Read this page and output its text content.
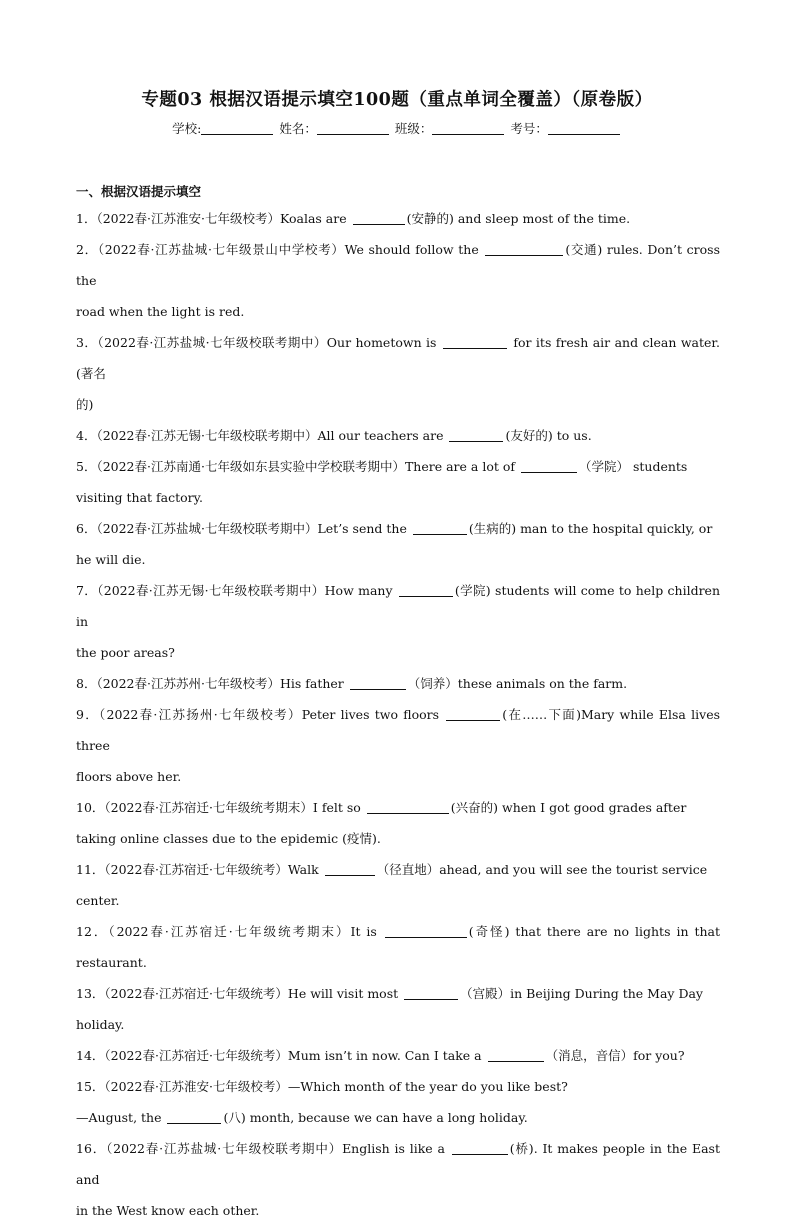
专题03 根据汉语提示填空100题（重点单词全覆盖）（原卷版）
学校:	姓名：	班级：	考号：
一、根据汉语提示填空
1．（2022春·江苏淮安·七年级校考）Koalas are	(安静的) and sleep most of the time.
2．（2022春·江苏盐城·七年级景山中学校考）We should follow the	(交通) rules. Don’t cross the
road when the light is red.
3．（2022春·江苏盐城·七年级校联考期中）Our hometown is	for its fresh air and clean water. (著名
的)
4．（2022春·江苏无锡·七年级校联考期中）All our teachers are	(友好的) to us.
5．（2022春·江苏南通·七年级如东县实验中学校联考期中）There are a lot of	（学院） students
visiting that factory.
6．（2022春·江苏盐城·七年级校联考期中）Let’s send the	(生病的) man to the hospital quickly, or
he will die.
7．（2022春·江苏无锡·七年级校联考期中）How many	(学院) students will come to help children in
the poor areas?
8．（2022春·江苏苏州·七年级校考）His father	（饲养）these animals on the farm.
9．（2022春·江苏扬州·七年级校考）Peter lives two floors	(在……下面)Mary while Elsa lives three
floors above her.
10．（2022春·江苏宿迁·七年级统考期末）I felt so	(兴奋的) when I got good grades after
taking online classes due to the epidemic (疫情).
11．（2022春·江苏宿迁·七年级统考）Walk	（径直地）ahead, and you will see the tourist service
center.
12．（2022春·江苏宿迁·七年级统考期末）It is	(奇怪) that there are no lights in that restaurant.
13．（2022春·江苏宿迁·七年级统考）He will visit most	（宫殿）in Beijing During the May Day
holiday.
14．（2022春·江苏宿迁·七年级统考）Mum isn’t in now. Can I take a	（消息，音信）for you?
15．（2022春·江苏淮安·七年级校考）—Which month of the year do you like best?
—August, the	(八) month, because we can have a long holiday.
16．（2022春·江苏盐城·七年级校联考期中）English is like a	(桥). It makes people in the East and
in the West know each other.
